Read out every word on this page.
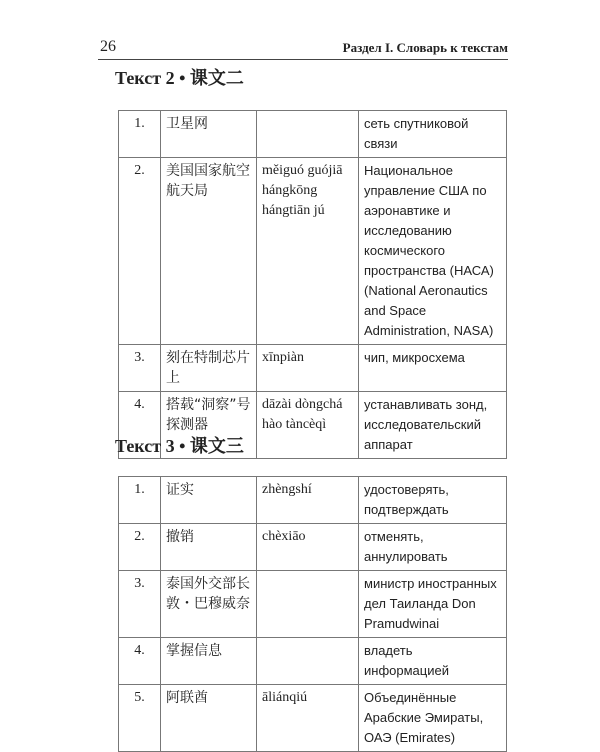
26	Раздел I. Словарь к текстам
Текст 2 • 课文二
1.	卫星网		сеть спутниковой связи
2.	美国国家航空航天局	měiguó guójiā hángkōng hángtiān jú	Национальное управление США по аэронавтике и исследованию космического пространства (НАСА) (National Aeronautics and Space Administration, NASA)
3.	刻在特制芯片上	xīnpiàn	чип, микросхема
4.	搭载“洞察”号探测器	dāzài dòngchá hào tàncèqì	устанавливать зонд, исследовательский аппарат
Текст 3 • 课文三
1.	证实	zhèngshí	удостоверять, подтверждать
2.	撤销	chèxiāo	отменять, аннулировать
3.	泰国外交部长敦・巴穆威奈		министр иностранных дел Таиланда Don Pramudwinai
4.	掌握信息		владеть информацией
5.	阿联酋	āliánqiú	Объединённые Арабские Эмираты, ОАЭ (Emirates)
